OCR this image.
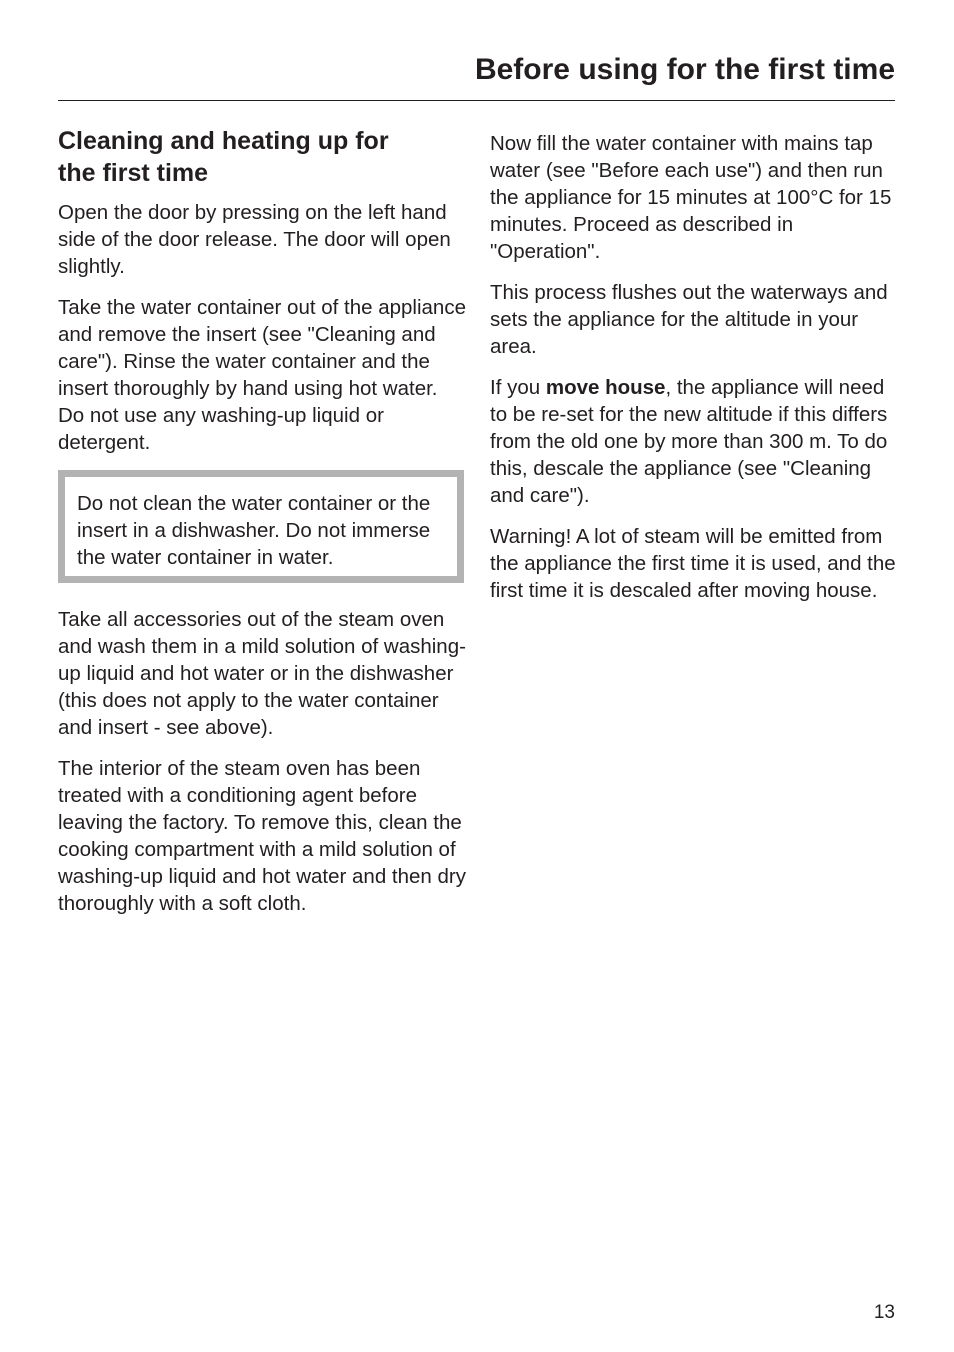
Before using for the first time
Cleaning and heating up for
the first time

Open the door by pressing on the left hand side of the door release. The door will open slightly.

Take the water container out of the appliance and remove the insert (see "Cleaning and care"). Rinse the water container and the insert thoroughly by hand using hot water. Do not use any washing-up liquid or detergent.

Do not clean the water container or the insert in a dishwasher. Do not immerse the water container in water.

Take all accessories out of the steam oven and wash them in a mild solution of washing-up liquid and hot water or in the dishwasher (this does not apply to the water container and insert - see above).

The interior of the steam oven has been treated with a conditioning agent before leaving the factory. To remove this, clean the cooking compartment with a mild solution of washing-up liquid and hot water and then dry thoroughly with a soft cloth.

Now fill the water container with mains tap water (see "Before each use") and then run the appliance for 15 minutes at 100°C for 15 minutes. Proceed as described in "Operation".

This process flushes out the waterways and sets the appliance for the altitude in your area.

If you move house, the appliance will need to be re-set for the new altitude if this differs from the old one by more than 300 m. To do this, descale the appliance (see "Cleaning and care").

Warning! A lot of steam will be emitted from the appliance the first time it is used, and the first time it is descaled after moving house.

13
